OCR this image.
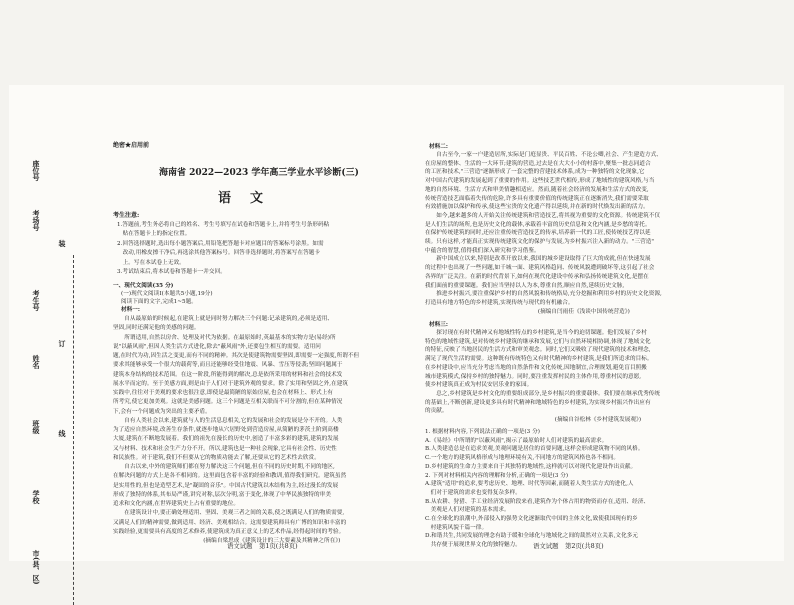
市(县、区)
学校
班级
姓名
考生号
考场号
座位号
装
订
线
绝密★启用前
海南省 2022—2023 学年高三学业水平诊断(三)
语　文
考生注意:
1.答题前,考生务必将自己的姓名、考生号填写在试卷和答题卡上,并将考生号条形码粘
　贴在答题卡上的指定位置。
2.回答选择题时,选出每小题答案后,用铅笔把答题卡对应题目的答案标号涂黑。如需
　改动,用橡皮擦干净后,再选涂其他答案标号。回答非选择题时,将答案写在答题卡
　上。写在本试卷上无效。
3.考试结束后,将本试卷和答题卡一并交回。
一、现代文阅读(35 分)
(一)现代文阅读Ⅰ(本题共5小题,19分)
阅读下面的文字,完成1~5题。
材料一:
　　自从最原始的时候起,在建筑上就是同时努力解决三个问题:记录建筑的,必须是适用、
坚固,同时还满足他的美感的问题。
　　所谓适用,自然以房舍、处理及对代为依据。在最原始时,英最基本的实物方是(易经)所
说"以蔽风雨",但因人类生活方式进化,除去"蔽风雨"外,还要包生相互的需要。适用问
题,在时代为功,因生活之变更,而有不同的精神。其次是使建筑物需要坚固,即需要一定强度,所谓不但
要求其能够承受一个很大的载荷等,而且还能够经受住地震、风暴、雪压等侵袭;坚固问题属于
建筑本身结构的技术范围。在这一阶段,所能得到的解决,总是依所采用的材料和社会的技术发
展水平而定的。至于美感方面,则是由于人们对于建筑外观的要求。除了实用和坚固之外,在建筑
实践中,往往对于美观的要求也很注意,即使是最简陋的原始房屋,也会在材料上、形式上有
所考究,使它更加美观。这就是美感问题。这三个问题是互相关联而不可分割的,但在某种情况
下,会有一个问题成为突出的主要矛盾。
　　自有人类社会以来,建筑就与人的生活息息相关,它的发展和社会的发展是分不开的。人类
为了适应自然环境,改善生存条件,就逐步地从穴居野处到营造房屋,从简陋的茅茨土阶到高楼
大厦,建筑在不断地发展着。我们的祖先在漫长的历史中,创造了丰富多彩的建筑,建筑的发展
又与材料、技术和社会生产力分不开。所以,建筑也是一种社会现象,它具有社会性、历史性
和民族性。对于建筑,我们不但要从它的物质功能去了解,还要从它的艺术性去欣赏。
　　自古以来,中外的建筑师们都在努力解决这三个问题,但在不同的历史时期,不同的地区,
在解决问题的方式上是各不相同的。这里面包含着丰富的经验和教训,值得我们研究。建筑虽然
是实用性的,但也是造型艺术,是"凝固的音乐"。中国古代建筑以木结构为主,经过漫长的发展
形成了独特的体系,其布局严谨,讲究对称,层次分明,富于变化,体现了中华民族独特的审美
追求和文化内涵,在世界建筑史上占有重要的地位。
　　在建筑设计中,要正确处理适用、坚固、美观三者之间的关系,使之既满足人们的物质需要,
又满足人们的精神需要,做到适用、经济、美观相结合。这需要建筑师具有广博的知识和丰富的
实践经验,更需要具有高度的艺术修养,使建筑成为真正意义上的艺术作品,经得起时间的考验。
　　　　　　　　　　　　　　　　(摘编自梁思成《建筑设计的三大要素及其精神之所在》)
语文试题　第1页(共8页)
材料二:
　　自古至今,一家一户建造居所,实际是门庭显贵、平民百姓、不论公卿,社会、产生建造方式、
在房屋的整体、生活的一大环节;建筑的营造,过去是在大大小小的村落中,聚集一批志同道合
的工匠和技术,"三营造"逐渐形成了一套完整的营建技术体系,成为一种独特的文化现象,它
对中国古代建筑的发展起到了重要的作用。这些技艺世代相传,形成了地域性的建筑风格,与当
地的自然环境、生活方式和审美情趣相适应。然而,随着社会经济的发展和生活方式的改变,
传统营造技艺面临着失传的危险,许多具有重要价值的传统建筑正在逐渐消失,我们需要采取
有效措施加以保护和传承,使这些宝贵的文化遗产得以延续,并在新的时代焕发出新的活力。
　　如今,越来越多的人开始关注传统建筑和营造技艺,将其视为重要的文化资源。传统建筑不仅
是人们生活的场所,也是历史文化的载体,承载着丰富的历史信息和文化内涵,是乡愁的寄托。
在保护传统建筑的同时,还应注重传统营造技艺的传承,培养新一代的工匠,使传统技艺得以延
续。只有这样,才能真正实现传统建筑文化的保护与发展,为乡村振兴注入新的动力。"三营造"
中蕴含的智慧,值得我们深入研究和学习借鉴。
　　新中国成立以来,特别是改革开放以来,我国的城乡建设取得了巨大的成就,但在快速发展
的过程中也出现了一些问题,如千城一面、建筑风格趋同、传统风貌遭到破坏等,这引起了社会
各界的广泛关注。在新的时代背景下,如何在现代化建设中传承和弘扬传统建筑文化,是摆在
我们面前的重要课题。我们应当坚持以人为本,尊重自然,顺应自然,延续历史文脉,
　　推进乡村振兴,要注重保护乡村的自然风貌和传统格局,充分挖掘和利用乡村的历史文化资源,
打造具有地方特色的乡村建筑,实现传统与现代的有机融合。
　　　　　　　　　　　　　　　　　　　　(摘编自闫雨佳《浅谈中国传统营造》)
材料三:
　　探讨现在有时代精神又有地域性特点的乡村建筑,是当今的迫切课题。他们发展了乡村
特色的地域性建筑,是对传统乡村建筑的继承和发展,它们与自然环境相协调,体现了地域文化
的特征,反映了当地居民的生活方式和审美观念。同时,它们又吸收了现代建筑的技术和理念,
满足了现代生活的需要。这种既有传统特色又有时代精神的乡村建筑,是我们所追求的目标。
在乡村建设中,应当充分考虑当地的自然条件和文化传统,因地制宜,合理规划,避免盲目照搬
城市建筑模式,保持乡村的独特魅力。同时,要注重发挥村民的主体作用,尊重村民的意愿,
使乡村建筑真正成为村民安居乐业的家园。
　　总之,乡村建筑是乡村文化的重要组成部分,是乡村振兴的重要载体。我们要在继承优秀传统
的基础上,不断创新,建设更多具有时代精神和地域特色的乡村建筑,为实现乡村振兴作出应有
的贡献。
　　　　　　　　　　　　　　　　　　　　　　　(摘编自谷松林《乡村建筑发展观》)
1. 根据材料内容,下列说法正确的一项是(3 分)
A.《易经》中所谓的"以蔽风雨",揭示了最原始时人们对建筑的最高需求。
B.人类建造总是在追求美观,美观问题是居住的首要问题,这样会形成建筑物不同的风格。
C.一个地方的建筑风格形成与地理环境有关,不同地方的建筑风格也各不相同。
D.乡村建筑的生命力主要来自于其独特的地域性,这样就可以对现代化建设作出贡献。
2. 下列对材料相关内容的理解和分析,正确的一项是(3 分)
A.建筑"适用"的追求,要考虑历史、地理、时代等因素,而随着人类生活方式的进化,人
　们对于建筑的需求也变得复杂多样。
B.从农耕、狩猎、手工业经济发展阶段来看,建筑作为个体占用的物资而存在,适用、经济、
　美观是人们对建筑的基本需求。
C.在全球化的浪潮中,外部侵入的强势文化逐渐取代中国的主体文化,致使我国现有的乡
　村建筑风貌千篇一律。
D.和谐共生,共同发展的理念有助于缓和全球化与地域化之间的裁然对立关系,文化多元
　共存便于展现世界文化的独特魅力。	语文试题　第2页(共8页)
